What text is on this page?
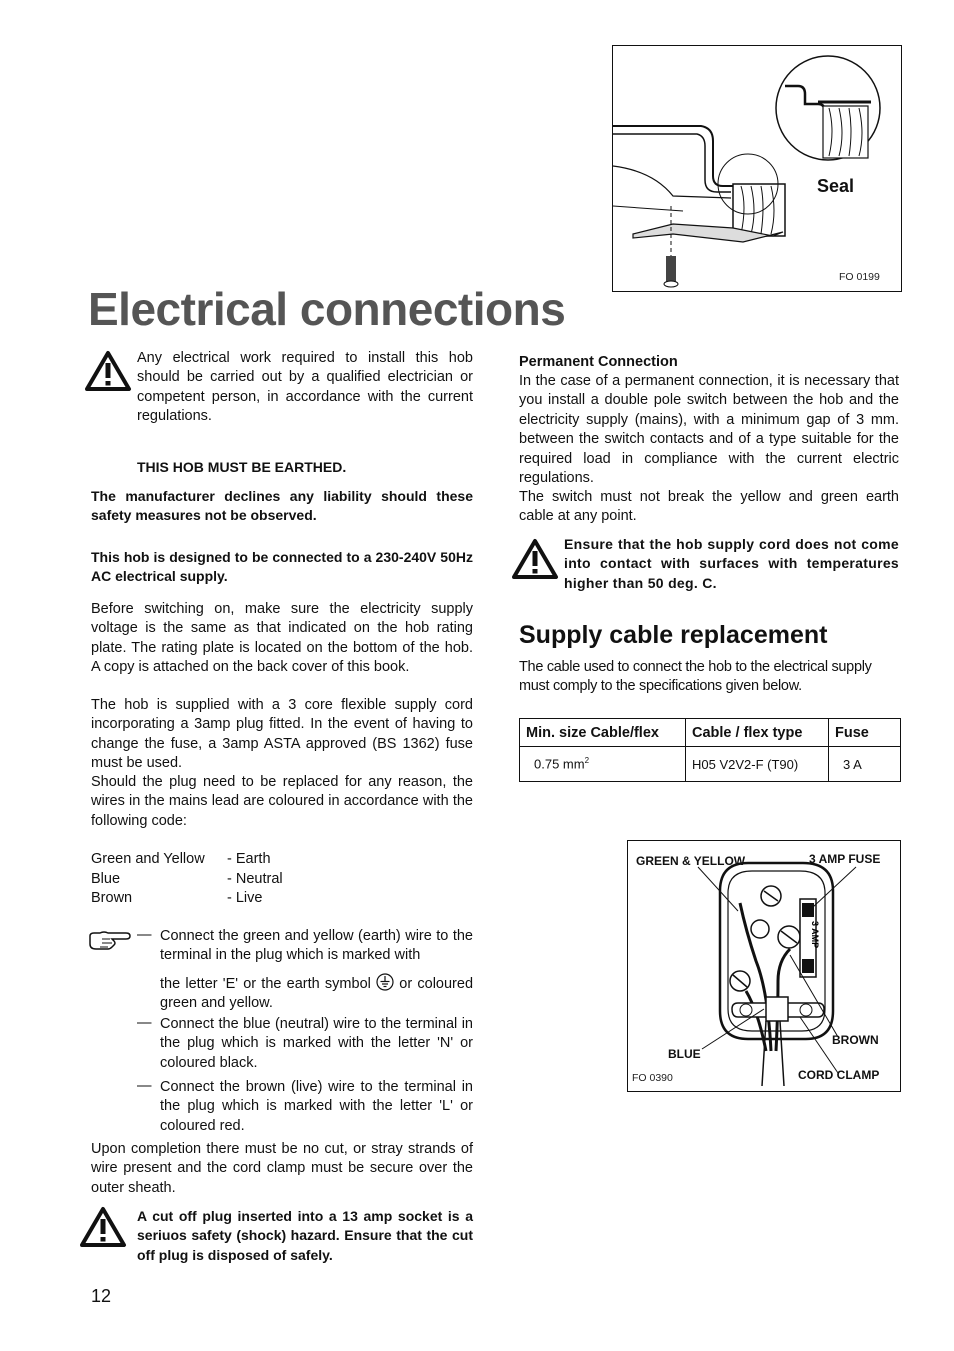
Seal
FO 0199
Electrical connections

Any electrical work required to install this hob should be carried out by a qualified electrician or competent person, in accordance with the current regulations.

THIS HOB MUST BE EARTHED.

The manufacturer declines any liability should these safety measures not be observed.

This hob is designed to be connected to a 230-240V 50Hz AC electrical supply.

Before switching on, make sure the electricity supply voltage is the same as that indicated on the hob rating plate. The rating plate is located on the bottom of the hob. A copy is attached on the back cover of this book.

The hob is supplied with a 3 core flexible supply cord incorporating a 3amp plug fitted. In the event of having to change the fuse, a 3amp ASTA approved (BS 1362) fuse must be used.

Should the plug need to be replaced for any reason, the wires in the mains lead are coloured in accordance with the following code:

Green and Yellow - Earth
Blue	- Neutral
Brown	- Live
— Connect the green and yellow (earth) wire to the terminal in the plug which is marked with

the letter 'E' or the earth symbol or coloured green and yellow.

— Connect the blue (neutral) wire to the terminal in the plug which is marked with the letter 'N' or coloured black.

— Connect the brown (live) wire to the terminal in the plug which is marked with the letter 'L' or coloured red.

Upon completion there must be no cut, or stray strands of wire present and the cord clamp must be secure over the outer sheath.

A cut off plug inserted into a 13 amp socket is a seriuos safety (shock) hazard. Ensure that the cut off plug is disposed of safely.

12

Permanent Connection

In the case of a permanent connection, it is necessary that you install a double pole switch between the hob and the electricity supply (mains), with a minimum gap of 3 mm. between the switch contacts and of a type suitable for the required load in compliance with the current electric regulations.

The switch must not break the yellow and green earth cable at any point.

Ensure that the hob supply cord does not come into contact with surfaces with temperatures higher than 50 deg. C.

Supply cable replacement

The cable used to connect the hob to the electrical supply must comply to the specifications given below.

Min. size Cable/flex	Cable / flex type	Fuse
0.75 $mm^2$	H05 V2V2-F (T90)	3 A
3 AMP
GREEN & YELLOW	3 AMP FUSE
BLUE
BROWN
CORD CLAMP
FO 0390
